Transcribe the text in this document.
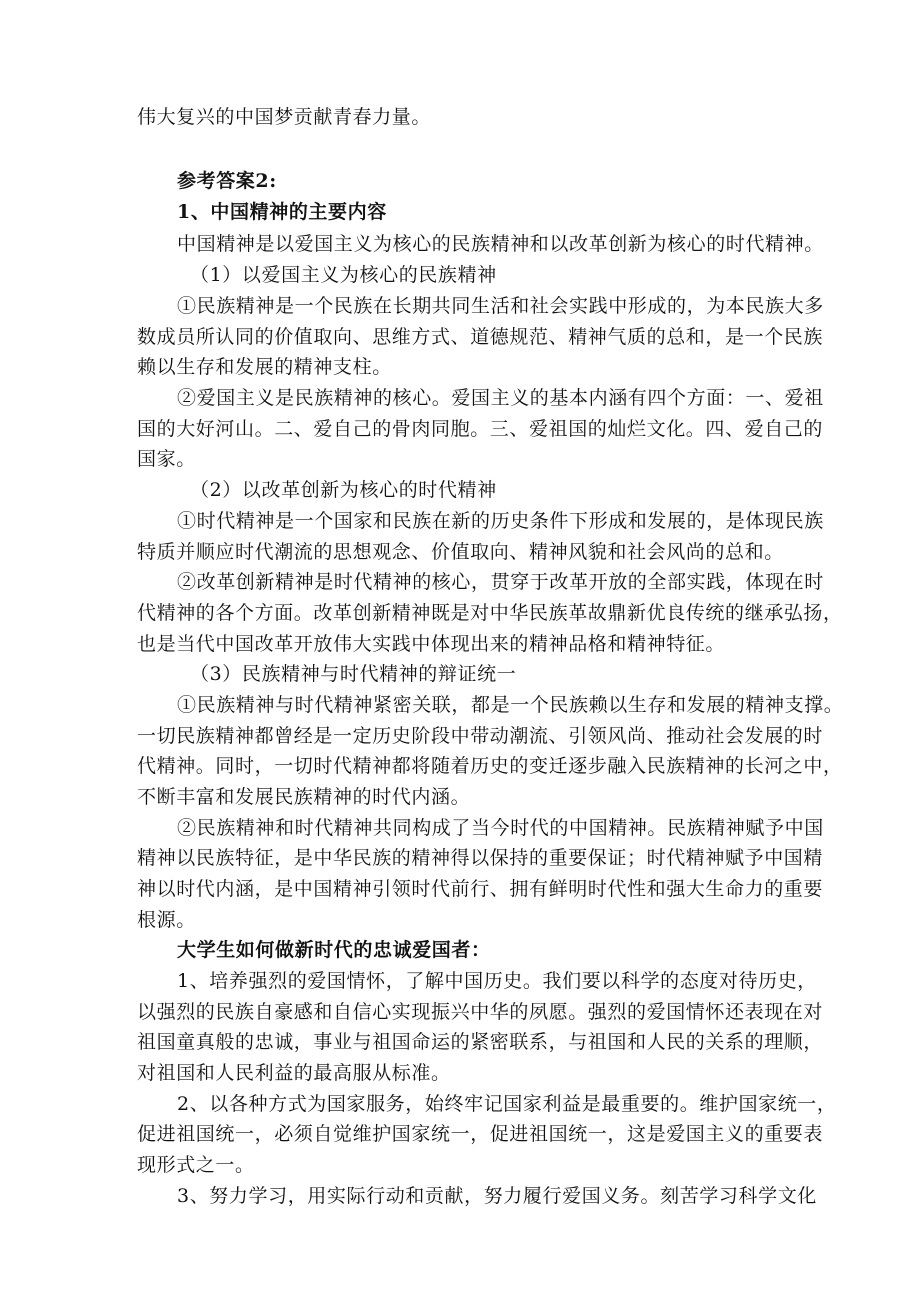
伟大复兴的中国梦贡献青春力量。
参考答案2:
1、中国精神的主要内容
中国精神是以爱国主义为核心的民族精神和以改革创新为核心的时代精神。
（1）以爱国主义为核心的民族精神
①民族精神是一个民族在长期共同生活和社会实践中形成的，为本民族大多
数成员所认同的价值取向、思维方式、道德规范、精神气质的总和，是一个民族
赖以生存和发展的精神支柱。
②爱国主义是民族精神的核心。爱国主义的基本内涵有四个方面：一、爱祖
国的大好河山。二、爱自己的骨肉同胞。三、爱祖国的灿烂文化。四、爱自己的
国家。
（2）以改革创新为核心的时代精神
①时代精神是一个国家和民族在新的历史条件下形成和发展的，是体现民族
特质并顺应时代潮流的思想观念、价值取向、精神风貌和社会风尚的总和。
②改革创新精神是时代精神的核心，贯穿于改革开放的全部实践，体现在时
代精神的各个方面。改革创新精神既是对中华民族革故鼎新优良传统的继承弘扬，
也是当代中国改革开放伟大实践中体现出来的精神品格和精神特征。
（3）民族精神与时代精神的辩证统一
①民族精神与时代精神紧密关联，都是一个民族赖以生存和发展的精神支撑。
一切民族精神都曾经是一定历史阶段中带动潮流、引领风尚、推动社会发展的时
代精神。同时，一切时代精神都将随着历史的变迁逐步融入民族精神的长河之中，
不断丰富和发展民族精神的时代内涵。
②民族精神和时代精神共同构成了当今时代的中国精神。民族精神赋予中国
精神以民族特征，是中华民族的精神得以保持的重要保证；时代精神赋予中国精
神以时代内涵，是中国精神引领时代前行、拥有鲜明时代性和强大生命力的重要
根源。
大学生如何做新时代的忠诚爱国者：
1、培养强烈的爱国情怀，了解中国历史。我们要以科学的态度对待历史，
以强烈的民族自豪感和自信心实现振兴中华的夙愿。强烈的爱国情怀还表现在对
祖国童真般的忠诚，事业与祖国命运的紧密联系，与祖国和人民的关系的理顺，
对祖国和人民利益的最高服从标准。
2、以各种方式为国家服务，始终牢记国家利益是最重要的。维护国家统一，
促进祖国统一，必须自觉维护国家统一，促进祖国统一，这是爱国主义的重要表
现形式之一。
3、努力学习，用实际行动和贡献，努力履行爱国义务。刻苦学习科学文化
